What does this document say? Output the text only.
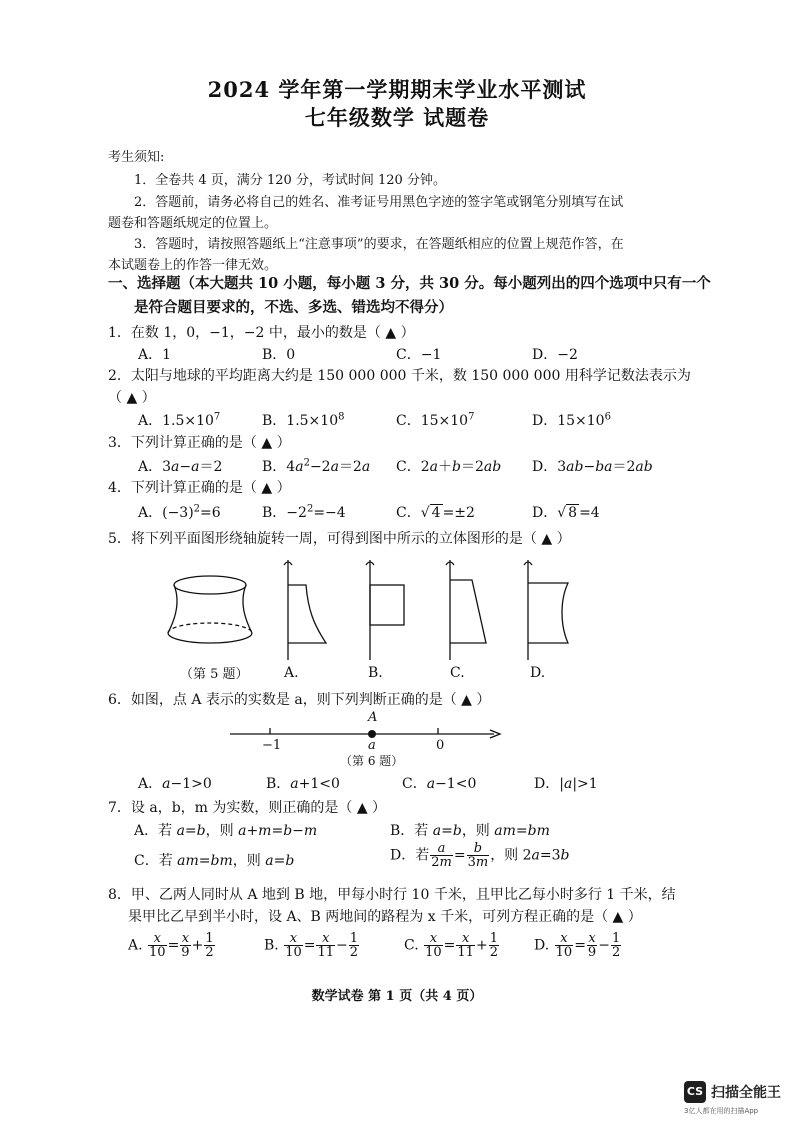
2024 学年第一学期期末学业水平测试
七年级数学 试题卷
考生须知:
1．全卷共 4 页，满分 120 分，考试时间 120 分钟。
2．答题前，请务必将自己的姓名、准考证号用黑色字迹的签字笔或钢笔分别填写在试
题卷和答题纸规定的位置上。
3．答题时，请按照答题纸上“注意事项”的要求，在答题纸相应的位置上规范作答，在
本试题卷上的作答一律无效。
一、选择题（本大题共 10 小题，每小题 3 分，共 30 分。每小题列出的四个选项中只有一个
是符合题目要求的，不选、多选、错选均不得分）
1．在数 1，0，−1，−2 中，最小的数是（ ▲ ）
A．1	B．0	C．−1	D．−2
2．太阳与地球的平均距离大约是 150 000 000 千米，数 150 000 000 用科学记数法表示为
（ ▲ ）
A．$1.5\times 10^7$	B．$1.5\times 10^8$	C．$15\times 10^7$	D．$15\times 10^6$
3．下列计算正确的是（ ▲ ）
A．3a−a＝2	B．$4a^2-2a=2a$ C．2a＋b＝2ab D．3ab−ba＝2ab
4．下列计算正确的是（ ▲ ）
A．$(-3)^2=6$	B．$-2^2=-4$	C．√ 4 =±2	D．√ 8 =4
5．将下列平面图形绕轴旋转一周，可得到图中所示的立体图形的是（ ▲ ）
（第 5 题）	A.	B.	C.	D.
6．如图，点 A 表示的实数是 a，则下列判断正确的是（ ▲ ）
A
−1	a	0
（第 6 题）
A．a−1>0	B．a+1<0	C．a−1<0	D．|a|>1
7．设 a，b，m 为实数，则正确的是（ ▲ ）
A．若 a=b，则 a+m=b−m	B．若 a=b，则 am=bm
C．若 am=bm，则 a=b	D．若 $\frac{a}{2m} = \frac{b}{3m}$ ，则 2a=3b
8．甲、乙两人同时从 A 地到 B 地，甲每小时行 10 千米，且甲比乙每小时多行 1 千米，结
果甲比乙早到半小时，设 A、B 两地间的路程为 x 千米，可列方程正确的是（ ▲ ）
A. $\frac{x}{10} = \frac{x}{9} + \frac{1}{2}$	B. $\frac{x}{10} = \frac{x}{11} - \frac{1}{2}$	C. $\frac{x}{10} = \frac{x}{11} + \frac{1}{2}$	D. $\frac{x}{10} = \frac{x}{9} - \frac{1}{2}$
数学试卷 第 1 页（共 4 页）
CS 扫描全能王
3亿人都在用的扫描App
